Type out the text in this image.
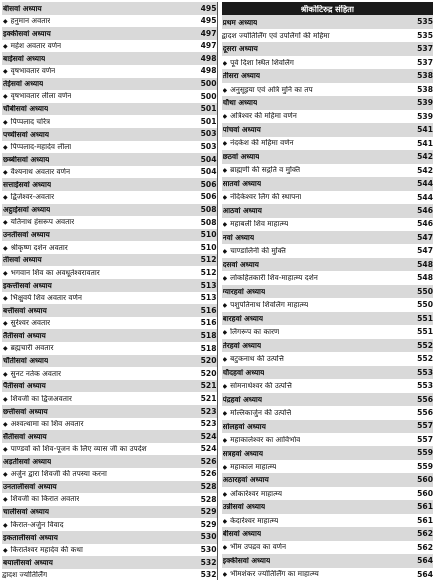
बीसवां अध्याय	495
◆ हनुमान अवतार	495
इक्कीसवां अध्याय	497
◆ महेश अवतार वर्णन	497
बाईसवां अध्याय	498
◆ वृषभावतार वर्णन	498
तेईसवां अध्याय	500
◆ वृषभावतार लीला वर्णन	500
चौबीसवां अध्याय	501
◆ पिप्पलाद चरित्र	501
पच्चीसवां अध्याय	503
◆ पिप्पलाद-महादेव लीला	503
छब्बीसवां अध्याय	504
◆ वैश्यनाथ अवतार वर्णन	504
सत्ताईसवां अध्याय	506
◆ द्विजेश्वर-अवतार	506
अट्ठाईसवां अध्याय	508
◆ यतिनाथ हंसरूप अवतार	508
उनतीसवां अध्याय	510
◆ श्रीकृष्ण दर्शन अवतार	510
तीसवां अध्याय	512
◆ भगवान शिव का अवधूतेश्वरावतार	512
इकत्तीसवां अध्याय	513
◆ भिक्षुवर्य शिव अवतार वर्णन	513
बत्तीसवां अध्याय	516
◆ सुरेश्वर अवतार	516
तैंतीसवां अध्याय	518
◆ ब्रह्मचारी अवतार	518
चौंतीसवां अध्याय	520
◆ सुनट नर्तक अवतार	520
पैंतीसवां अध्याय	521
◆ शिवजी का द्विजअवतार	521
छत्तीसवां अध्याय	523
◆ अश्वत्थामा का शिव अवतार	523
सैंतीसवां अध्याय	524
◆ पाण्डवों को शिव-पूजन के लिए व्यास जी का उपदेश	524
अड़तीसवां अध्याय	526
◆ अर्जुन द्वारा शिवजी की तपस्या करना	526
उनतालीसवां अध्याय	528
◆ शिवजी का किरात अवतार	528
चालीसवां अध्याय	529
◆ किरात-अर्जुन विवाद	529
इकतालीसवां अध्याय	530
◆ किरातेश्वर महादेव की कथा	530
बयालीसवां अध्याय	532
द्वादश ज्योतिर्लिंग	532
श्रीकोटिरुद्र संहिता
प्रथम अध्याय	535
द्वादश ज्योतिर्लिंग एवं उपलिंगों की महिमा	535
दूसरा अध्याय	537
◆ पूर्व दिशा स्थित शिवलिंग	537
तीसरा अध्याय	538
◆ अनुसूइया एवं अत्रि मुनि का तप	538
चौथा अध्याय	539
◆ अत्रिश्वर की महिमा वर्णन	539
पांचवां अध्याय	541
◆ नंदकेश की महिमा वर्णन	541
छठवां अध्याय	542
◆ ब्राह्मणी की सद्गति व मुक्ति	542
सातवां अध्याय	544
◆ नंदिकेश्वर लिंग की स्थापना	544
आठवां अध्याय	546
◆ महाबली शिव माहात्म्य	546
नवां अध्याय	547
◆ चाण्डालिनी की मुक्ति	547
दसवां अध्याय	548
◆ लोकहितकारी शिव-माहात्म्य दर्शन	548
ग्यारहवां अध्याय	550
◆ पशुपतिनाथ शिवलिंग माहात्म्य	550
बारहवां अध्याय	551
◆ लिंगरूप का कारण	551
तेरहवां अध्याय	552
◆ बटुकनाथ की उत्पत्ति	552
चौदहवां अध्याय	553
◆ सोमनाथेश्वर की उत्पत्ति	553
पंद्रहवां अध्याय	556
◆ मल्लिकार्जुन की उत्पत्ति	556
सोलहवां अध्याय	557
◆ महाकालेश्वर का आविर्भाव	557
सत्रहवां अध्याय	559
◆ महाकाल माहात्म्य	559
अठारहवां अध्याय	560
◆ ओंकारेश्वर माहात्म्य	560
उन्नीसवां अध्याय	561
◆ केदारेश्वर माहात्म्य	561
बीसवां अध्याय	562
◆ भीम उपद्रव का वर्णन	562
इक्कीसवां अध्याय	564
◆ भीमशंकर ज्योतिर्लिंग का माहात्म्य	564
